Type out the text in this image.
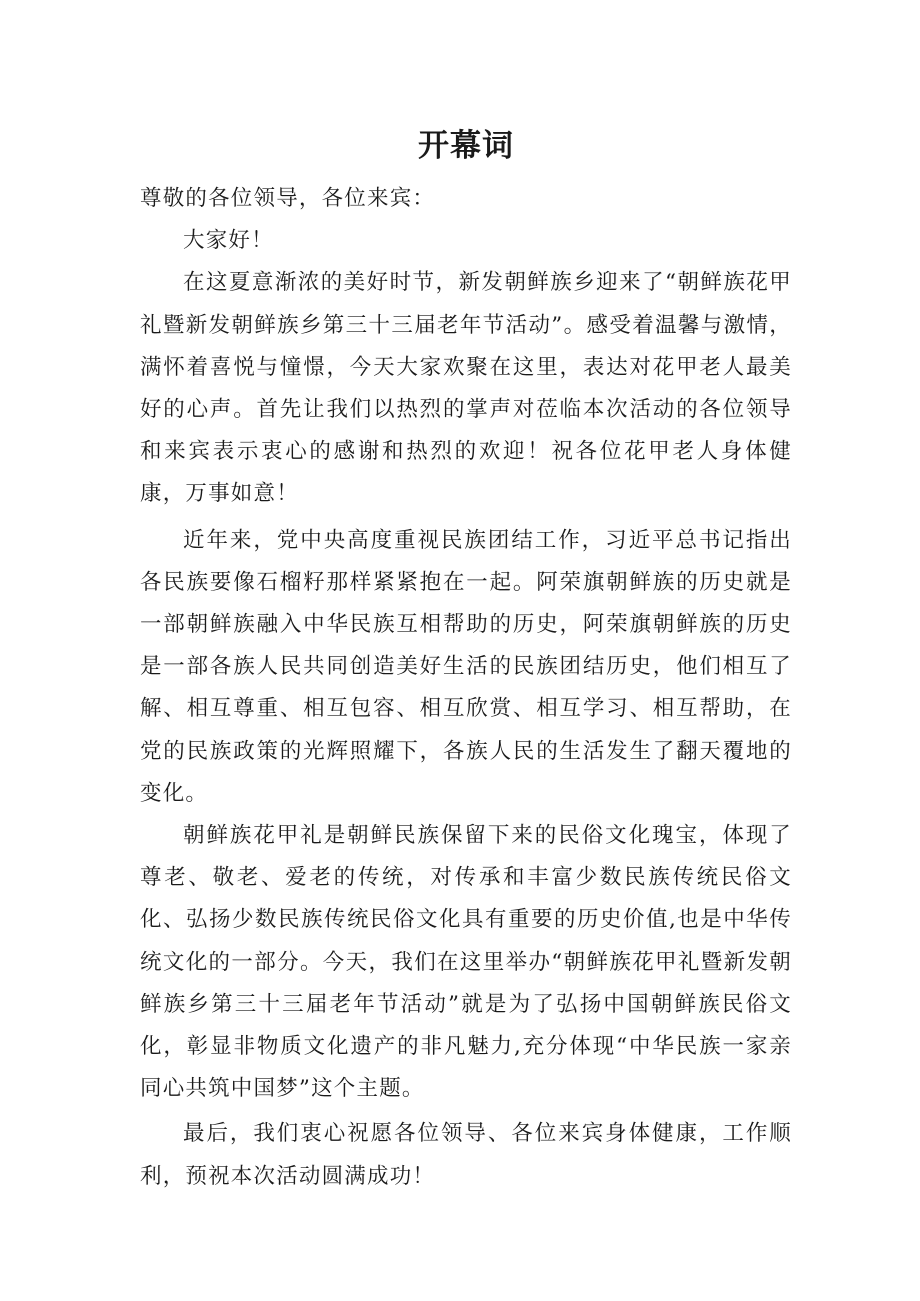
开幕词

尊敬的各位领导，各位来宾：

大家好！

在这夏意渐浓的美好时节，新发朝鲜族乡迎来了“朝鲜族花甲礼暨新发朝鲜族乡第三十三届老年节活动”。感受着温馨与激情，满怀着喜悦与憧憬，今天大家欢聚在这里，表达对花甲老人最美好的心声。首先让我们以热烈的掌声对莅临本次活动的各位领导和来宾表示衷心的感谢和热烈的欢迎！祝各位花甲老人身体健康，万事如意！

近年来，党中央高度重视民族团结工作，习近平总书记指出各民族要像石榴籽那样紧紧抱在一起。阿荣旗朝鲜族的历史就是一部朝鲜族融入中华民族互相帮助的历史，阿荣旗朝鲜族的历史是一部各族人民共同创造美好生活的民族团结历史，他们相互了解、相互尊重、相互包容、相互欣赏、相互学习、相互帮助，在党的民族政策的光辉照耀下，各族人民的生活发生了翻天覆地的变化。

朝鲜族花甲礼是朝鲜民族保留下来的民俗文化瑰宝，体现了尊老、敬老、爱老的传统，对传承和丰富少数民族传统民俗文化、弘扬少数民族传统民俗文化具有重要的历史价值,也是中华传统文化的一部分。今天，我们在这里举办“朝鲜族花甲礼暨新发朝鲜族乡第三十三届老年节活动”就是为了弘扬中国朝鲜族民俗文化，彰显非物质文化遗产的非凡魅力,充分体现“中华民族一家亲同心共筑中国梦”这个主题。

最后，我们衷心祝愿各位领导、各位来宾身体健康，工作顺利，预祝本次活动圆满成功！
